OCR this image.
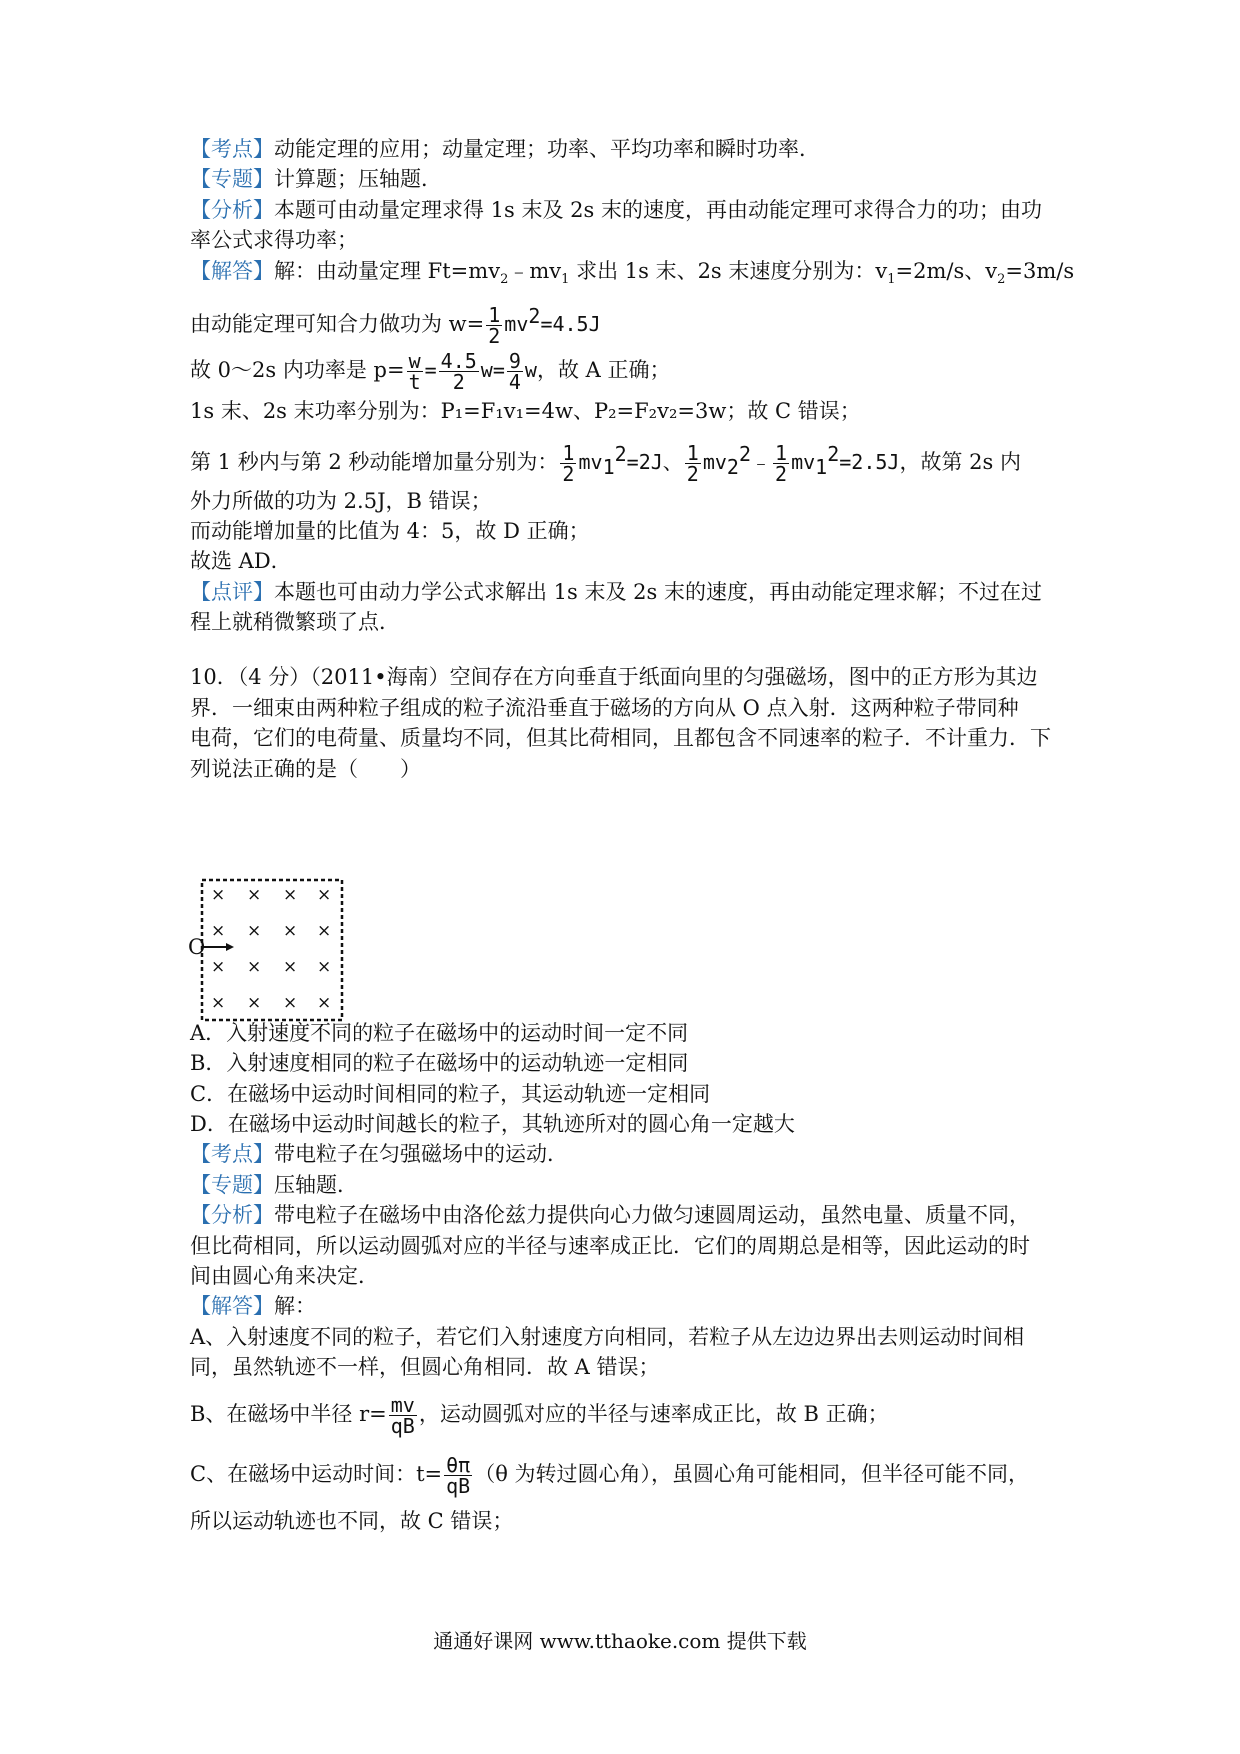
【考点】动能定理的应用；动量定理；功率、平均功率和瞬时功率．
【专题】计算题；压轴题．
【分析】本题可由动量定理求得 1s 末及 2s 末的速度，再由动能定理可求得合力的功；由功
率公式求得功率；
【解答】解：由动量定理 $Ft=mv_2﹣mv_1$ 求出 1s 末、2s 末速度分别为：$v_1=2m/s$、$v_2=3m/s$
由动能定理可知合力做功为 $w= \frac{1}{2} mv^2=4.5J$
故 0～2s 内功率是 $p= \frac{w}{t} = \frac{4.5}{2} w= \frac{9}{4}$ w，故 A 正确；
1s 末、2s 末功率分别为：P₁=F₁v₁=4w、P₂=F₂v₂=3w；故 C 错误；
第 1 秒内与第 2 秒动能增加量分别为： $\frac{1}{2} mv_1^2=2J$、 $\frac{1}{2}$ $mv_2^2﹣ \frac{1}{2} mv_1^2=2.5J$，故第 2s 内
外力所做的功为 2.5J，B 错误；
而动能增加量的比值为 4：5，故 D 正确；
故选 AD．
【点评】本题也可由动力学公式求解出 1s 末及 2s 末的速度，再由动能定理求解；不过在过
程上就稍微繁琐了点．
10．（4 分）（2011•海南）空间存在方向垂直于纸面向里的匀强磁场，图中的正方形为其边
界．一细束由两种粒子组成的粒子流沿垂直于磁场的方向从 O 点入射．这两种粒子带同种
电荷，它们的电荷量、质量均不同，但其比荷相同，且都包含不同速率的粒子．不计重力．下
列说法正确的是（　　）
× × × ×
× × × ×
× × × ×
× × × ×
O
A．入射速度不同的粒子在磁场中的运动时间一定不同
B．入射速度相同的粒子在磁场中的运动轨迹一定相同
C．在磁场中运动时间相同的粒子，其运动轨迹一定相同
D．在磁场中运动时间越长的粒子，其轨迹所对的圆心角一定越大
【考点】带电粒子在匀强磁场中的运动．
【专题】压轴题．
【分析】带电粒子在磁场中由洛伦兹力提供向心力做匀速圆周运动，虽然电量、质量不同，
但比荷相同，所以运动圆弧对应的半径与速率成正比．它们的周期总是相等，因此运动的时
间由圆心角来决定．
【解答】解：
A、入射速度不同的粒子，若它们入射速度方向相同，若粒子从左边边界出去则运动时间相
同，虽然轨迹不一样，但圆心角相同．故 A 错误；
B、在磁场中半径 $r= \frac{mv}{qB}$ ，运动圆弧对应的半径与速率成正比，故 B 正确；
C、在磁场中运动时间：$t= \frac{\theta\pi}{qB} (\theta$ 为转过圆心角），虽圆心角可能相同，但半径可能不同，
所以运动轨迹也不同，故 C 错误；
通通好课网 www.tthaoke.com 提供下载
